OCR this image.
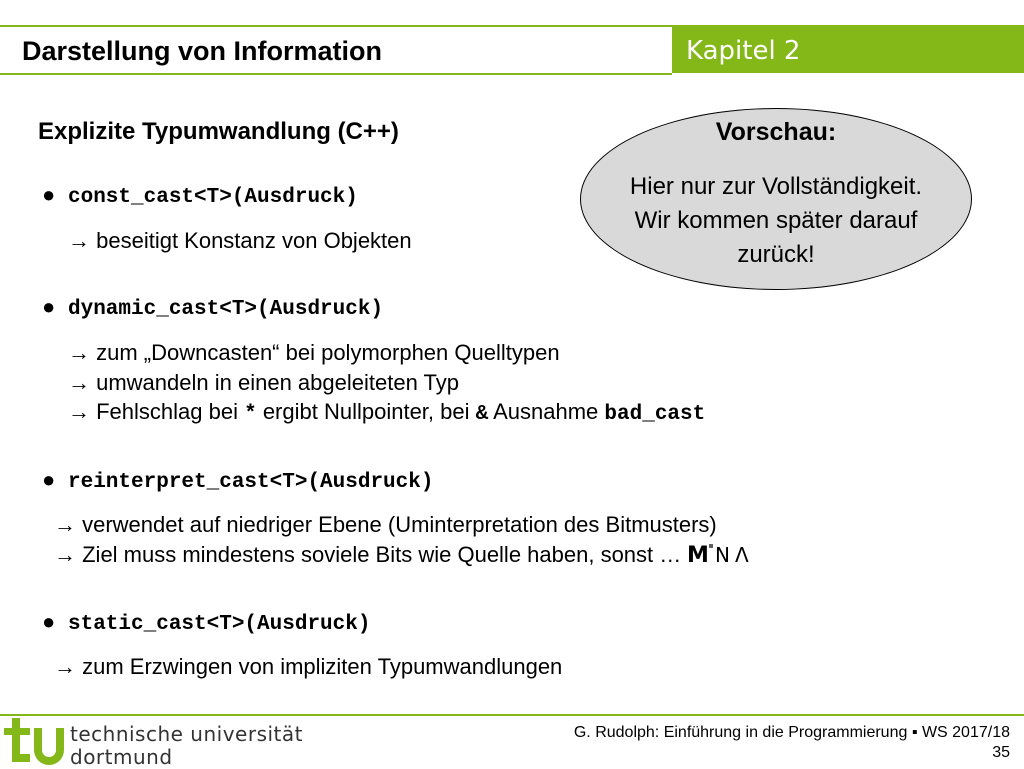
Darstellung von Information	Kapitel 2
Explizite Typumwandlung (C++)	Vorschau:
Hier nur zur Vollständigkeit.
Wir kommen später darauf
zurück!
● const_cast<T>(Ausdruck)
→ beseitigt Konstanz von Objekten
● dynamic_cast<T>(Ausdruck)
→ zum „Downcasten“ bei polymorphen Quelltypen
→ umwandeln in einen abgeleiteten Typ
→ Fehlschlag bei * ergibt Nullpointer, bei & Ausnahme bad_cast
● reinterpret_cast<T>(Ausdruck)
→ verwendet auf niedriger Ebene (Uminterpretation des Bitmusters)
→ Ziel muss mindestens soviele Bits wie Quelle haben, sonst … M N Λ
● static_cast<T>(Ausdruck)
→ zum Erzwingen von impliziten Typumwandlungen
technische universität
dortmund
G. Rudolph: Einführung in die Programmierung ▪ WS 2017/18
35
